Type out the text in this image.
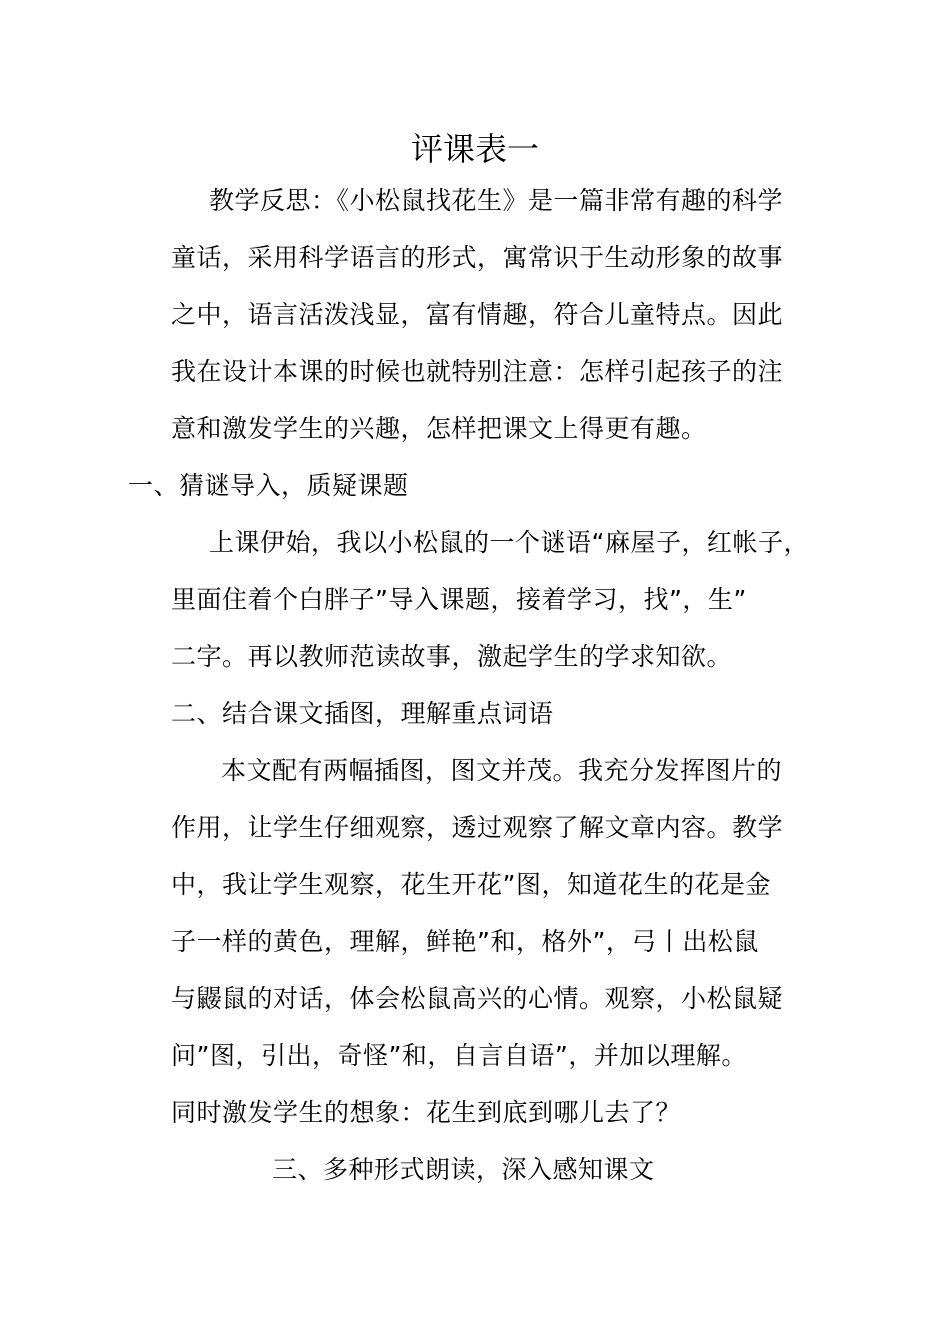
评课表一
教学反思：《小松鼠找花生》是一篇非常有趣的科学
童话，采用科学语言的形式，寓常识于生动形象的故事
之中，语言活泼浅显，富有情趣，符合儿童特点。因此
我在设计本课的时候也就特别注意：怎样引起孩子的注
意和激发学生的兴趣，怎样把课文上得更有趣。
一、猜谜导入，质疑课题
上课伊始，我以小松鼠的一个谜语“麻屋子，红帐子，
里面住着个白胖子”导入课题，接着学习，找”，生”
二字。再以教师范读故事，激起学生的学求知欲。
二、结合课文插图，理解重点词语
本文配有两幅插图，图文并茂。我充分发挥图片的
作用，让学生仔细观察，透过观察了解文章内容。教学
中，我让学生观察，花生开花”图，知道花生的花是金
子一样的黄色，理解，鲜艳”和，格外”，弓丨出松鼠
与鼹鼠的对话，体会松鼠高兴的心情。观察，小松鼠疑
问”图，引出，奇怪”和，自言自语”，并加以理解。
同时激发学生的想象：花生到底到哪儿去了？
三、多种形式朗读，深入感知课文
